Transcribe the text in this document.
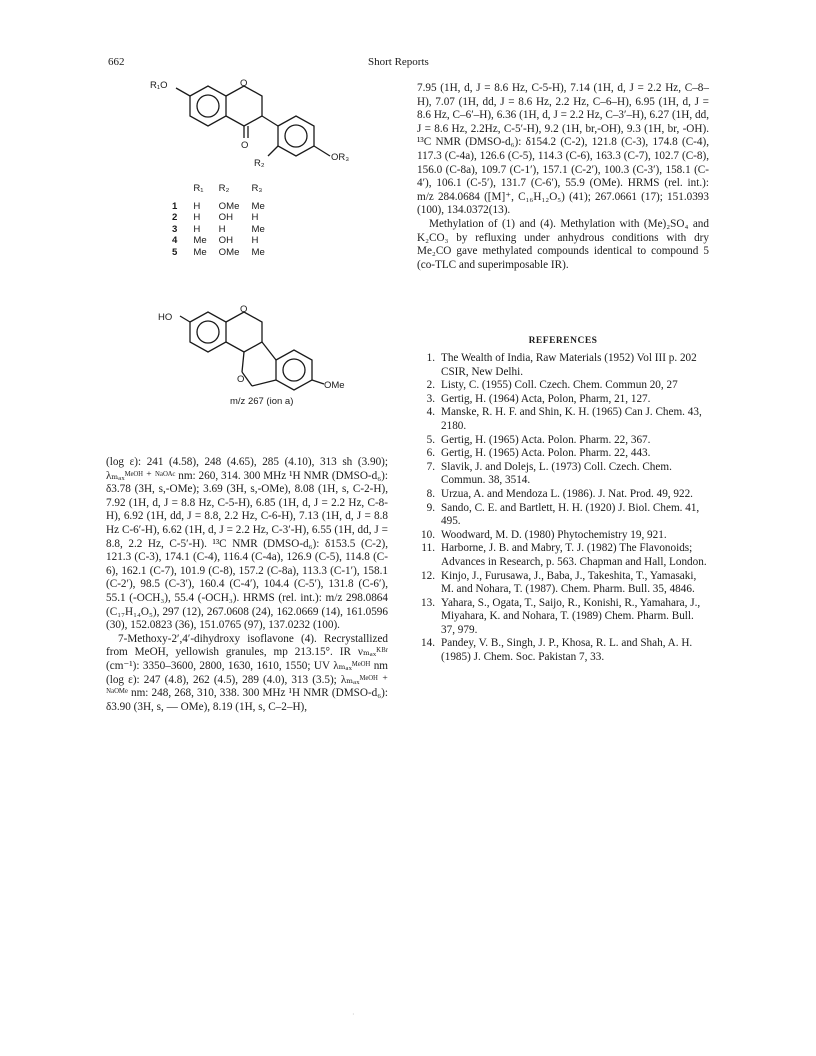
662	Short Reports
R₁O	O
O
R₂
OR₃
	R₁	R₂	R₃
1	H	OMe	Me
2	H	OH	H
3	H	H	Me
4	Me	OH	H
5	Me	OMe	Me
HO
O
O
OMe
m/z 267 (ion a)

(log ε): 241 (4.58), 248 (4.65), 285 (4.10), 313 sh (3.90); λₘₐₓᴹᵉᴼᴴ ⁺ ᴺᵃᴼᴬᶜ nm: 260, 314. 300 MHz ¹H NMR (DMSO-d₆): δ3.78 (3H, s,-OMe); 3.69 (3H, s,-OMe), 8.08 (1H, s, C-2-H), 7.92 (1H, d, J = 8.8 Hz, C-5-H), 6.85 (1H, d, J = 2.2 Hz, C-8-H), 6.92 (1H, dd, J = 8.8, 2.2 Hz, C-6-H), 7.13 (1H, d, J = 8.8 Hz C-6′-H), 6.62 (1H, d, J = 2.2 Hz, C-3′-H), 6.55 (1H, dd, J = 8.8, 2.2 Hz, C-5′-H). ¹³C NMR (DMSO-d₆): δ153.5 (C-2), 121.3 (C-3), 174.1 (C-4), 116.4 (C-4a), 126.9 (C-5), 114.8 (C-6), 162.1 (C-7), 101.9 (C-8), 157.2 (C-8a), 113.3 (C-1′), 158.1 (C-2′), 98.5 (C-3′), 160.4 (C-4′), 104.4 (C-5′), 131.8 (C-6′), 55.1 (-OCH₃), 55.4 (-OCH₃). HRMS (rel. int.): m/z 298.0864 (C₁₇H₁₄O₅), 297 (12), 267.0608 (24), 162.0669 (14), 161.0596 (30), 152.0823 (36), 151.0765 (97), 137.0232 (100).

7-Methoxy-2′,4′-dihydroxy isoflavone (4). Recrystallized from MeOH, yellowish granules, mp 213.15°. IR νₘₐₓᴷᴮʳ (cm⁻¹): 3350–3600, 2800, 1630, 1610, 1550; UV λₘₐₓᴹᵉᴼᴴ nm (log ε): 247 (4.8), 262 (4.5), 289 (4.0), 313 (3.5); λₘₐₓᴹᵉᴼᴴ ⁺ ᴺᵃᴼᴹᵉ nm: 248, 268, 310, 338. 300 MHz ¹H NMR (DMSO-d₆): δ3.90 (3H, s, — OMe), 8.19 (1H, s, C–2–H),

7.95 (1H, d, J = 8.6 Hz, C-5-H), 7.14 (1H, d, J = 2.2 Hz, C–8–H), 7.07 (1H, dd, J = 8.6 Hz, 2.2 Hz, C–6–H), 6.95 (1H, d, J = 8.6 Hz, C–6′–H), 6.36 (1H, d, J = 2.2 Hz, C–3′–H), 6.27 (1H, dd, J = 8.6 Hz, 2.2Hz, C-5′-H), 9.2 (1H, br,-OH), 9.3 (1H, br, -OH). ¹³C NMR (DMSO-d₆): δ154.2 (C-2), 121.8 (C-3), 174.8 (C-4), 117.3 (C-4a), 126.6 (C-5), 114.3 (C-6), 163.3 (C-7), 102.7 (C-8), 156.0 (C-8a), 109.7 (C-1′), 157.1 (C-2′), 100.3 (C-3′), 158.1 (C-4′), 106.1 (C-5′), 131.7 (C-6′), 55.9 (OMe). HRMS (rel. int.): m/z 284.0684 ([M]⁺, C₁₆H₁₂O₅) (41); 267.0661 (17); 151.0393 (100), 134.0372(13).

Methylation of (1) and (4). Methylation with (Me)₂SO₄ and K₂CO₃ by refluxing under anhydrous conditions with dry Me₂CO gave methylated compounds identical to compound 5 (co-TLC and superimposable IR).

REFERENCES
1. The Wealth of India, Raw Materials (1952) Vol III p. 202 CSIR, New Delhi.
2. Listy, C. (1955) Coll. Czech. Chem. Commun 20, 27
3. Gertig, H. (1964) Acta, Polon, Pharm, 21, 127.
4. Manske, R. H. F. and Shin, K. H. (1965) Can J. Chem. 43, 2180.
5. Gertig, H. (1965) Acta. Polon. Pharm. 22, 367.
6. Gertig, H. (1965) Acta. Polon. Pharm. 22, 443.
7. Slavik, J. and Dolejs, L. (1973) Coll. Czech. Chem. Commun. 38, 3514.
8. Urzua, A. and Mendoza L. (1986). J. Nat. Prod. 49, 922.
9. Sando, C. E. and Bartlett, H. H. (1920) J. Biol. Chem. 41, 495.
10. Woodward, M. D. (1980) Phytochemistry 19, 921.
11. Harborne, J. B. and Mabry, T. J. (1982) The Flavonoids; Advances in Research, p. 563. Chapman and Hall, London.
12. Kinjo, J., Furusawa, J., Baba, J., Takeshita, T., Yamasaki, M. and Nohara, T. (1987). Chem. Pharm. Bull. 35, 4846.
13. Yahara, S., Ogata, T., Saijo, R., Konishi, R., Yamahara, J., Miyahara, K. and Nohara, T. (1989) Chem. Pharm. Bull. 37, 979.
14. Pandey, V. B., Singh, J. P., Khosa, R. L. and Shah, A. H. (1985) J. Chem. Soc. Pakistan 7, 33.
·
